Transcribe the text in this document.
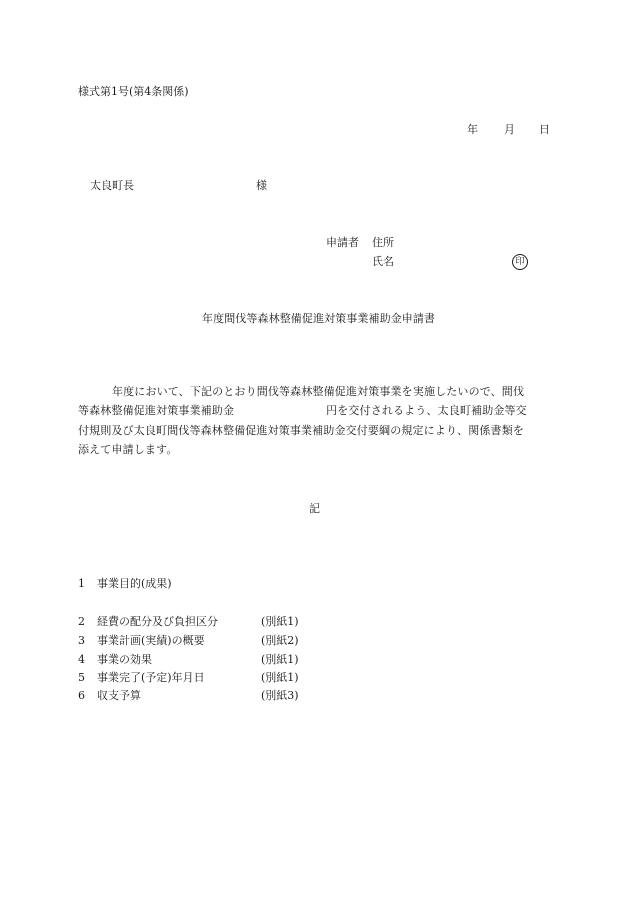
様式第1号(第4条関係)
年 月 日
太良町長	様
申請者 住所
氏名	印
年度間伐等森林整備促進対策事業補助金申請書
年度において、下記のとおり間伐等森林整備促進対策事業を実施したいので、間伐
等森林整備促進対策事業補助金	円を交付されるよう、太良町補助金等交
付規則及び太良町間伐等森林整備促進対策事業補助金交付要綱の規定により、関係書類を
添えて申請します。
記
1 事業目的(成果)
2 経費の配分及び負担区分	(別紙1)
3 事業計画(実績)の概要	(別紙2)
4 事業の効果	(別紙1)
5 事業完了(予定)年月日	(別紙1)
6 収支予算	(別紙3)
